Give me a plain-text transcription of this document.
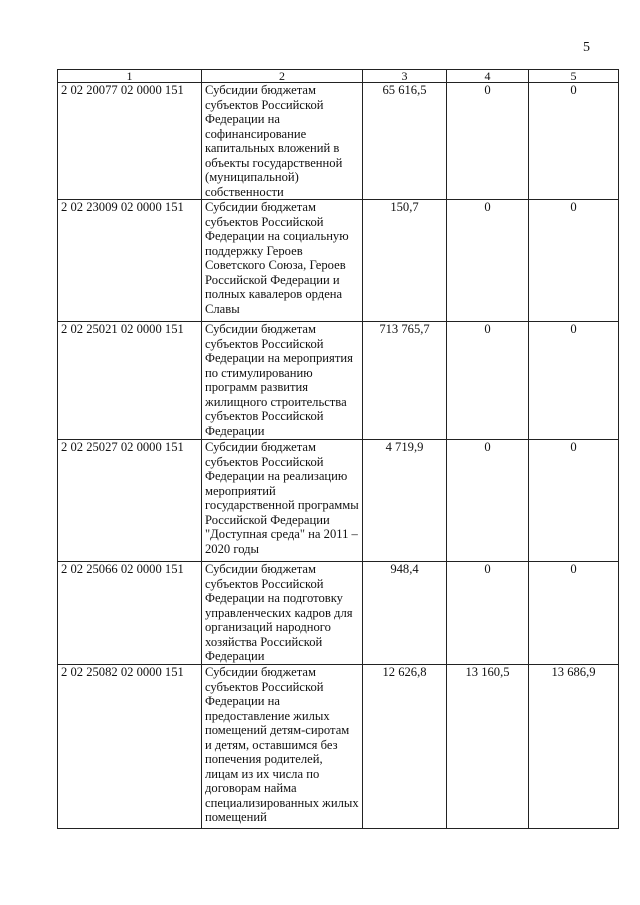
5
1	2	3	4	5
2 02 20077 02 0000 151	Субсидии бюджетам субъектов Российской Федерации на софинансирование капитальных вложений в объекты государственной (муниципальной) собственности	65 616,5	0	0
2 02 23009 02 0000 151	Субсидии бюджетам субъектов Российской Федерации на социальную поддержку Героев Советского Союза, Героев Российской Федерации и полных кавалеров ордена Славы	150,7	0	0
2 02 25021 02 0000 151	Субсидии бюджетам субъектов Российской Федерации на мероприятия по стимулированию программ развития жилищного строительства субъектов Российской Федерации	713 765,7	0	0
2 02 25027 02 0000 151	Субсидии бюджетам субъектов Российской Федерации на реализацию мероприятий государственной программы Российской Федерации "Доступная среда" на 2011 – 2020 годы	4 719,9	0	0
2 02 25066 02 0000 151	Субсидии бюджетам субъектов Российской Федерации на подготовку управленческих кадров для организаций народного хозяйства Российской Федерации	948,4	0	0
2 02 25082 02 0000 151	Субсидии бюджетам субъектов Российской Федерации на предоставление жилых помещений детям-сиротам и детям, оставшимся без попечения родителей, лицам из их числа по договорам найма специализированных жилых помещений	12 626,8	13 160,5	13 686,9
